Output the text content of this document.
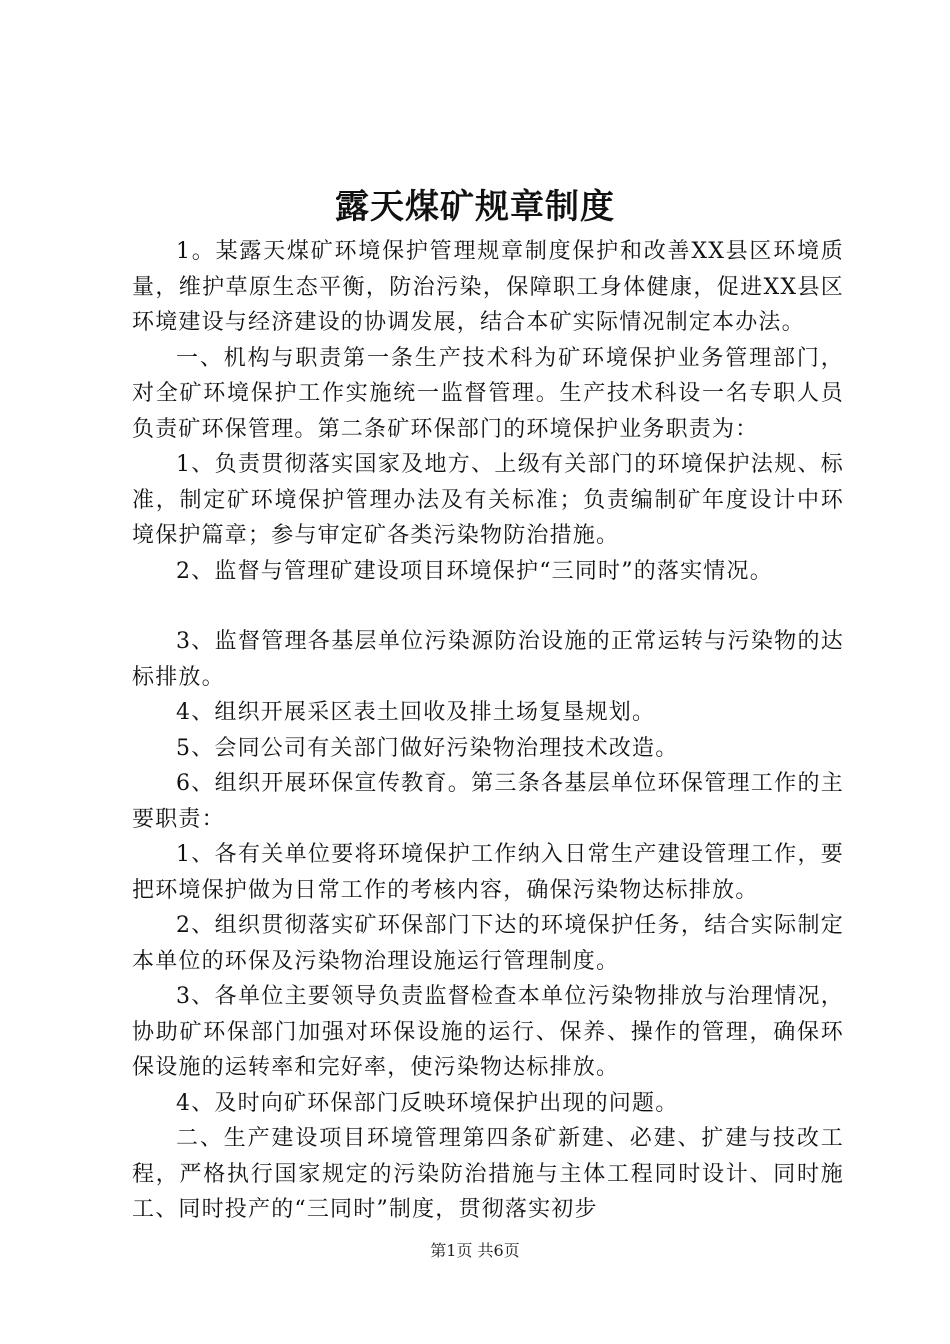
露天煤矿规章制度

1。某露天煤矿环境保护管理规章制度保护和改善XX县区环境质量，维护草原生态平衡，防治污染，保障职工身体健康，促进XX县区环境建设与经济建设的协调发展，结合本矿实际情况制定本办法。

一、机构与职责第一条生产技术科为矿环境保护业务管理部门，对全矿环境保护工作实施统一监督管理。生产技术科设一名专职人员负责矿环保管理。第二条矿环保部门的环境保护业务职责为：

1、负责贯彻落实国家及地方、上级有关部门的环境保护法规、标准，制定矿环境保护管理办法及有关标准；负责编制矿年度设计中环境保护篇章；参与审定矿各类污染物防治措施。

2、监督与管理矿建设项目环境保护“三同时”的落实情况。

3、监督管理各基层单位污染源防治设施的正常运转与污染物的达标排放。

4、组织开展采区表土回收及排土场复垦规划。

5、会同公司有关部门做好污染物治理技术改造。

6、组织开展环保宣传教育。第三条各基层单位环保管理工作的主要职责：

1、各有关单位要将环境保护工作纳入日常生产建设管理工作，要把环境保护做为日常工作的考核内容，确保污染物达标排放。

2、组织贯彻落实矿环保部门下达的环境保护任务，结合实际制定本单位的环保及污染物治理设施运行管理制度。

3、各单位主要领导负责监督检查本单位污染物排放与治理情况，协助矿环保部门加强对环保设施的运行、保养、操作的管理，确保环保设施的运转率和完好率，使污染物达标排放。

4、及时向矿环保部门反映环境保护出现的问题。

二、生产建设项目环境管理第四条矿新建、必建、扩建与技改工程，严格执行国家规定的污染防治措施与主体工程同时设计、同时施工、同时投产的“三同时”制度，贯彻落实初步

第1页 共6页
